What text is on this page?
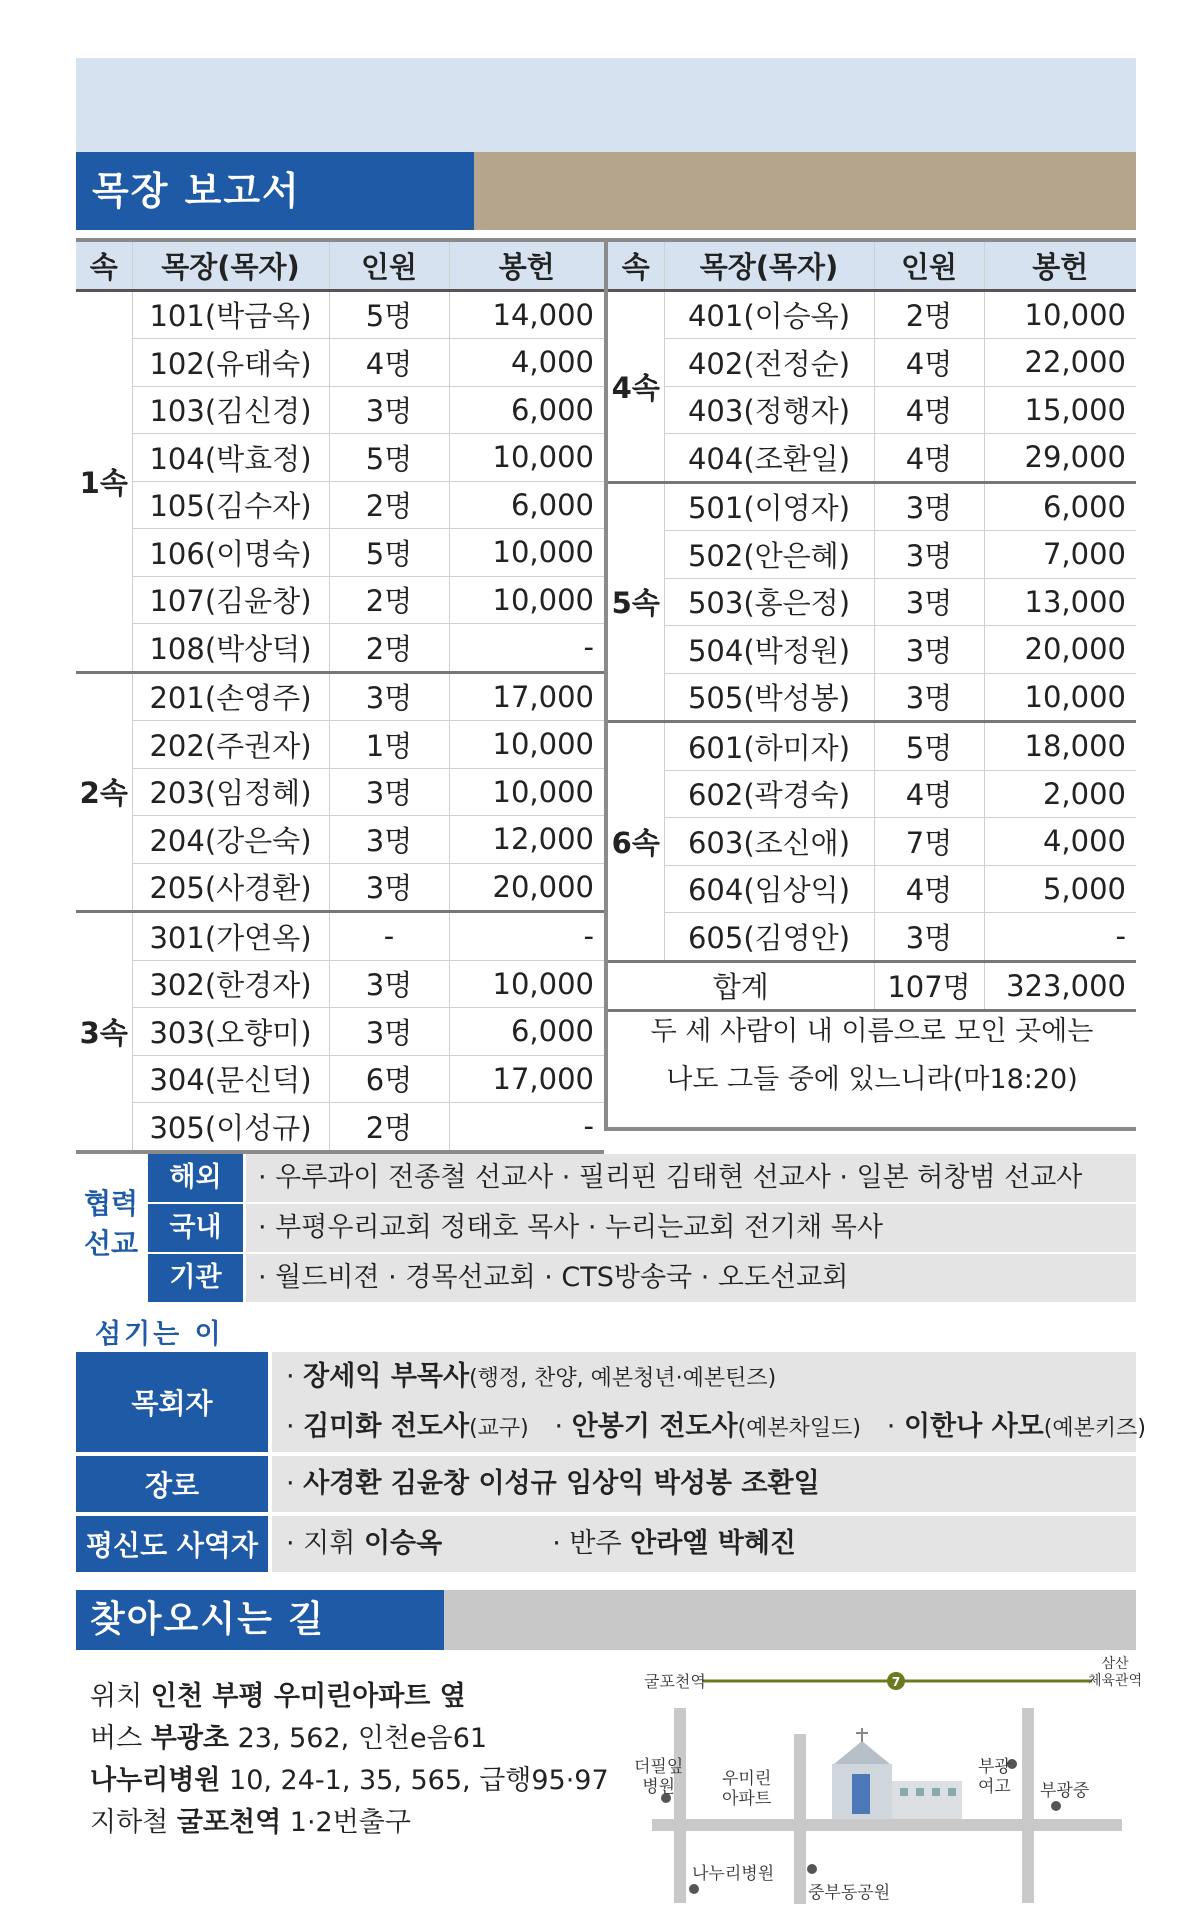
목장 보고서
속	목장(목자)	인원	봉헌
1속	101(박금옥)	5명	14,000
	102(유태숙)	4명	4,000
	103(김신경)	3명	6,000
	104(박효정)	5명	10,000
	105(김수자)	2명	6,000
	106(이명숙)	5명	10,000
	107(김윤창)	2명	10,000
	108(박상덕)	2명	-
2속	201(손영주)	3명	17,000
	202(주권자)	1명	10,000
	203(임정혜)	3명	10,000
	204(강은숙)	3명	12,000
	205(사경환)	3명	20,000
3속	301(가연옥)	-	-
	302(한경자)	3명	10,000
	303(오향미)	3명	6,000
	304(문신덕)	6명	17,000
	305(이성규)	2명	-
속	목장(목자)	인원	봉헌
4속	401(이승옥)	2명	10,000
	402(전정순)	4명	22,000
	403(정행자)	4명	15,000
	404(조환일)	4명	29,000
5속	501(이영자)	3명	6,000
	502(안은혜)	3명	7,000
	503(홍은정)	3명	13,000
	504(박정원)	3명	20,000
	505(박성봉)	3명	10,000
6속	601(하미자)	5명	18,000
	602(곽경숙)	4명	2,000
	603(조신애)	7명	4,000
	604(임상익)	4명	5,000
	605(김영안)	3명	-
합계		107명	323,000
두 세 사람이 내 이름으로 모인 곳에는
나도 그들 중에 있느니라(마18:20)
협력
선교
해외	· 우루과이 전종철 선교사 · 필리핀 김태현 선교사 · 일본 허창범 선교사
국내	· 부평우리교회 정태호 목사 · 누리는교회 전기채 목사
기관	· 월드비젼 · 경목선교회 · CTS방송국 · 오도선교회
섬기는 이
목회자
· 장세익 부목사(행정, 찬양, 예본청년·예본틴즈)
· 김미화 전도사(교구)   · 안봉기 전도사(예본차일드)   · 이한나 사모(예본키즈)
장로	· 사경환 김윤창 이성규 임상익 박성봉 조환일
평신도 사역자	· 지휘 이승옥	· 반주 안라엘 박혜진
찾아오시는 길
위치 인천 부평 우미린아파트 옆
버스 부광초 23, 562, 인천e음61
나누리병원 10, 24-1, 35, 565, 급행95·97
지하철 굴포천역 1·2번출구
7
굴포천역
삼산
체육관역
더필잎
병원	우미린
아파트
부광
여고 부광중
나누리병원
중부동공원
